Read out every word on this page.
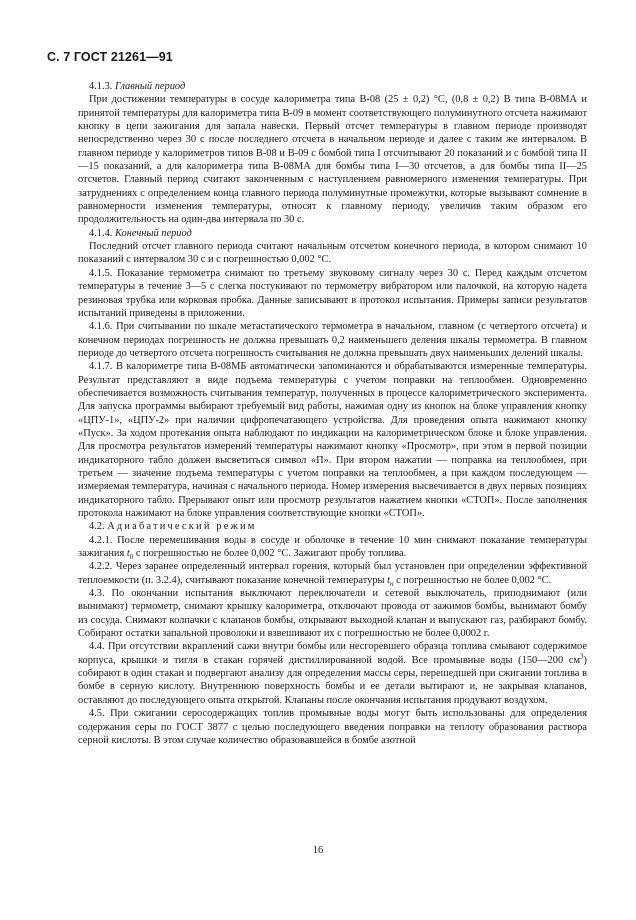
С. 7 ГОСТ 21261—91

4.1.3. Главный период

При достижении температуры в сосуде калориметра типа В-08 (25 ± 0,2) °С, (0,8 ± 0,2) В типа В-08МА и принятой температуры для калориметра типа В-09 в момент соответствующего полуминутного отсчета нажимают кнопку в цепи зажигания для запала навески. Первый отсчет температуры в главном периоде производят непосредственно через 30 с после последнего отсчета в начальном периоде и далее с таким же интервалом. В главном периоде у калориметров типов В-08 и В-09 с бомбой типа I отсчитывают 20 показаний и с бомбой типа II—15 показаний, а для калориметра типа В-08МА для бомбы типа I—30 отсчетов, а для бомбы типа II—25 отсчетов. Главный период считают законченным с наступлением равномерного изменения температуры. При затруднениях с определением конца главного периода полуминутные промежутки, которые вызывают сомнение в равномерности изменения температуры, относят к главному периоду, увеличив таким образом его продолжительность на один-два интервала по 30 с.

4.1.4. Конечный период

Последний отсчет главного периода считают начальным отсчетом конечного периода, в котором снимают 10 показаний с интервалом 30 с и с погрешностью 0,002 °С.

4.1.5. Показание термометра снимают по третьему звуковому сигналу через 30 с. Перед каждым отсчетом температуры в течение 3—5 с слегка постукивают по термометру вибратором или палочкой, на которую надета резиновая трубка или корковая пробка. Данные записывают в протокол испытания. Примеры записи результатов испытаний приведены в приложении.

4.1.6. При считывании по шкале метастатического термометра в начальном, главном (с четвертого отсчета) и конечном периодах погрешность не должна превышать 0,2 наименьшего деления шкалы термометра. В главном периоде до четвертого отсчета погрешность считывания не должна превышать двух наименьших делений шкалы.

4.1.7. В калориметре типа В-08МБ автоматически запоминаются и обрабатываются измеренные температуры. Результат представляют в виде подъема температуры с учетом поправки на теплообмен. Одновременно обеспечивается возможность считывания температур, полученных в процессе калориметрического эксперимента. Для запуска программы выбирают требуемый вид работы, нажимая одну из кнопок на блоке управления кнопку «ЦПУ-1», «ЦПУ-2» при наличии цифропечатающего устройства. Для проведения опыта нажимают кнопку «Пуск». За ходом протекания опыта наблюдают по индикации на калориметрическом блоке и блоке управления. Для просмотра результатов измерений температуры нажимают кнопку «Просмотр», при этом в первой позиции индикаторного табло должен высветиться символ «П». При втором нажатии — поправка на теплообмен, при третьем — значение подъема температуры с учетом поправки на теплообмен, а при каждом последующем — измеряемая температура, начиная с начального периода. Номер измерения высвечивается в двух первых позициях индикаторного табло. Прерывают опыт или просмотр результатов нажатием кнопки «СТОП». После заполнения протокола нажимают на блоке управления соответствующие кнопки «СТОП».

4.2. Адиабатический режим

4.2.1. После перемешивания воды в сосуде и оболочке в течение 10 мин снимают показание температуры зажигания $t_0$ с погрешностью не более 0,002 °С. Зажигают пробу топлива.

4.2.2. Через заранее определенный интервал горения, который был установлен при определении эффективной теплоемкости (п. 3.2.4), считывают показание конечной температуры $t_n$ с погрешностью не более 0,002 °С.

4.3. По окончании испытания выключают переключатели и сетевой выключатель, приподнимают (или вынимают) термометр, снимают крышку калориметра, отключают провода от зажимов бомбы, вынимают бомбу из сосуда. Снимают колпачки с клапанов бомбы, открывают выходной клапан и выпускают газ, разбирают бомбу. Собирают остатки запальной проволоки и взвешивают их с погрешностью не более 0,0002 г.

4.4. При отсутствии вкраплений сажи внутри бомбы или несгоревшего образца топлива смывают содержимое корпуса, крышки и тигля в стакан горячей дистиллированной водой. Все промывные воды (150—200 $см^3$) собирают в один стакан и подвергают анализу для определения массы серы, перешедшей при сжигании топлива в бомбе в серную кислоту. Внутреннюю поверхность бомбы и ее детали вытирают и, не закрывая клапанов, оставляют до последующего опыта открытой. Клапаны после окончания испытания продувают воздухом.

4.5. При сжигании серосодержащих топлив промывные воды могут быть использованы для определения содержания серы по ГОСТ 3877 с целью последующего введения поправки на теплоту образования раствора серной кислоты. В этом случае количество образовавшейся в бомбе азотной

16
